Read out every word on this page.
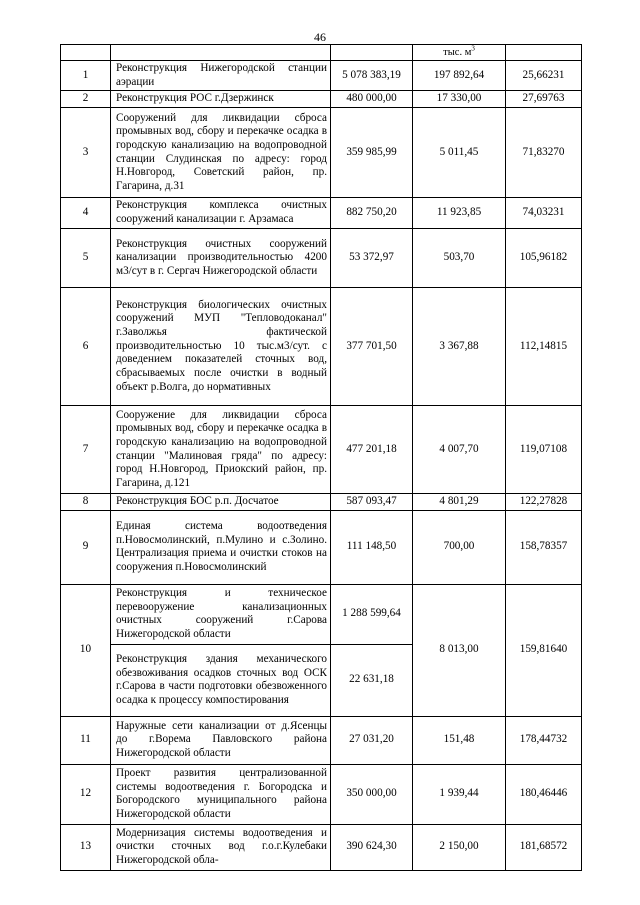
46
			тыс. $м^3$	
1	Реконструкция Нижегородской станции аэрации	5 078 383,19	197 892,64	25,66231
2	Реконструкция РОС г.Дзержинск	480 000,00	17 330,00	27,69763
3	Сооружений для ликвидации сброса промывных вод, сбору и перекачке осадка в городскую канализацию на водопроводной станции Слудинская по адресу: город Н.Новгород, Советский район, пр. Гагарина, д.31	359 985,99	5 011,45	71,83270
4	Реконструкция комплекса очистных сооружений канализации г. Арзамаса	882 750,20	11 923,85	74,03231
5	Реконструкция очистных сооружений канализации производительностью 4200 м3/сут в г. Сергач Нижегородской области	53 372,97	503,70	105,96182
6	Реконструкция биологических очистных сооружений МУП "Тепловодоканал" г.Заволжья фактической производительностью 10 тыс.м3/сут. с доведением показателей сточных вод, сбрасываемых после очистки в водный объект р.Волга, до нормативных	377 701,50	3 367,88	112,14815
7	Сооружение для ликвидации сброса промывных вод, сбору и перекачке осадка в городскую канализацию на водопроводной станции "Малиновая гряда" по адресу: город Н.Новгород, Приокский район, пр. Гагарина, д.121	477 201,18	4 007,70	119,07108
8	Реконструкция БОС р.п. Досчатое	587 093,47	4 801,29	122,27828
9	Единая система водоотведения п.Новосмолинский, п.Мулино и с.Золино. Централизация приема и очистки стоков на сооружения п.Новосмолинский	111 148,50	700,00	158,78357
10	Реконструкция и техническое перевооружение канализационных очистных сооружений г.Сарова Нижегородской области	1 288 599,64	8 013,00	159,81640
	Реконструкция здания механического обезвоживания осадков сточных вод ОСК г.Сарова в части подготовки обезвоженного осадка к процессу компостирования	22 631,18		
11	Наружные сети канализации от д.Ясенцы до г.Ворема Павловского района Нижегородской области	27 031,20	151,48	178,44732
12	Проект развития централизованной системы водоотведения г. Богородска и Богородского муниципального района Нижегородской области	350 000,00	1 939,44	180,46446
13	Модернизация системы водоотведения и очистки сточных вод г.о.г.Кулебаки Нижегородской обла-	390 624,30	2 150,00	181,68572
